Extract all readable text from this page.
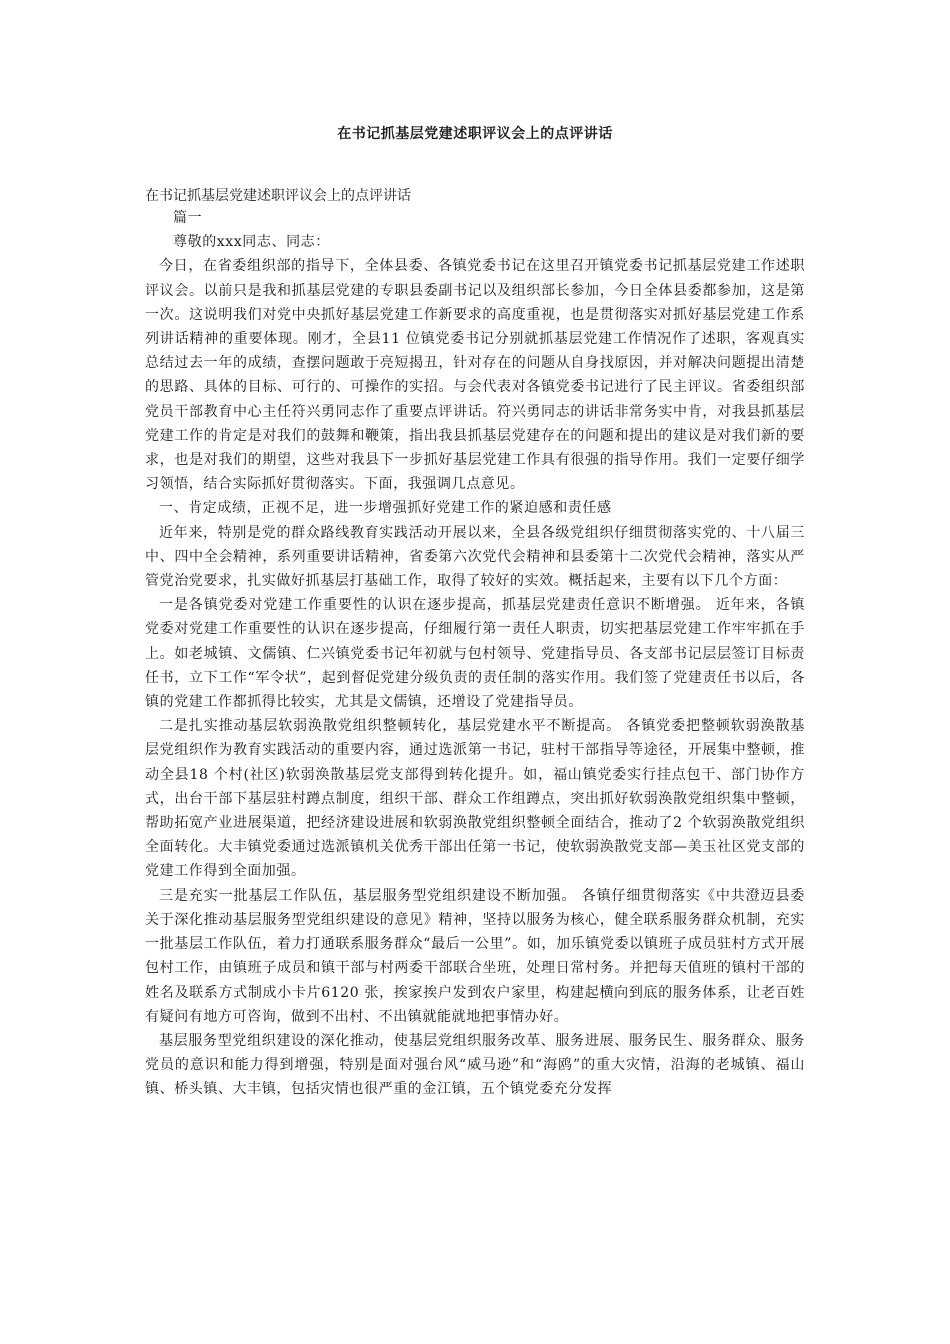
在书记抓基层党建述职评议会上的点评讲话

在书记抓基层党建述职评议会上的点评讲话

篇一

尊敬的xxx同志、同志：

今日，在省委组织部的指导下，全体县委、各镇党委书记在这里召开镇党委书记抓基层党建工作述职评议会。以前只是我和抓基层党建的专职县委副书记以及组织部长参加，今日全体县委都参加，这是第一次。这说明我们对党中央抓好基层党建工作新要求的高度重视，也是贯彻落实对抓好基层党建工作系列讲话精神的重要体现。刚才，全县11 位镇党委书记分别就抓基层党建工作情况作了述职，客观真实总结过去一年的成绩，查摆问题敢于亮短揭丑，针对存在的问题从自身找原因，并对解决问题提出清楚的思路、具体的目标、可行的、可操作的实招。与会代表对各镇党委书记进行了民主评议。省委组织部党员干部教育中心主任符兴勇同志作了重要点评讲话。符兴勇同志的讲话非常务实中肯，对我县抓基层党建工作的肯定是对我们的鼓舞和鞭策，指出我县抓基层党建存在的问题和提出的建议是对我们新的要求，也是对我们的期望，这些对我县下一步抓好基层党建工作具有很强的指导作用。我们一定要仔细学习领悟，结合实际抓好贯彻落实。下面，我强调几点意见。

一、肯定成绩，正视不足，进一步增强抓好党建工作的紧迫感和责任感

近年来，特别是党的群众路线教育实践活动开展以来，全县各级党组织仔细贯彻落实党的、十八届三中、四中全会精神，系列重要讲话精神，省委第六次党代会精神和县委第十二次党代会精神，落实从严管党治党要求，扎实做好抓基层打基础工作，取得了较好的实效。概括起来，主要有以下几个方面：

一是各镇党委对党建工作重要性的认识在逐步提高，抓基层党建责任意识不断增强。 近年来，各镇党委对党建工作重要性的认识在逐步提高，仔细履行第一责任人职责，切实把基层党建工作牢牢抓在手上。如老城镇、文儒镇、仁兴镇党委书记年初就与包村领导、党建指导员、各支部书记层层签订目标责任书，立下工作“军令状”，起到督促党建分级负责的责任制的落实作用。我们签了党建责任书以后，各镇的党建工作都抓得比较实，尤其是文儒镇，还增设了党建指导员。

二是扎实推动基层软弱涣散党组织整顿转化，基层党建水平不断提高。 各镇党委把整顿软弱涣散基层党组织作为教育实践活动的重要内容，通过选派第一书记，驻村干部指导等途径，开展集中整顿，推动全县18 个村(社区)软弱涣散基层党支部得到转化提升。如，福山镇党委实行挂点包干、部门协作方式，出台干部下基层驻村蹲点制度，组织干部、群众工作组蹲点，突出抓好软弱涣散党组织集中整顿，帮助拓宽产业进展渠道，把经济建设进展和软弱涣散党组织整顿全面结合，推动了2 个软弱涣散党组织全面转化。大丰镇党委通过选派镇机关优秀干部出任第一书记，使软弱涣散党支部—美玉社区党支部的党建工作得到全面加强。

三是充实一批基层工作队伍，基层服务型党组织建设不断加强。 各镇仔细贯彻落实《中共澄迈县委关于深化推动基层服务型党组织建设的意见》精神，坚持以服务为核心，健全联系服务群众机制，充实一批基层工作队伍，着力打通联系服务群众“最后一公里”。如，加乐镇党委以镇班子成员驻村方式开展包村工作，由镇班子成员和镇干部与村两委干部联合坐班，处理日常村务。并把每天值班的镇村干部的姓名及联系方式制成小卡片6120 张，挨家挨户发到农户家里，构建起横向到底的服务体系，让老百姓有疑问有地方可咨询，做到不出村、不出镇就能就地把事情办好。

基层服务型党组织建设的深化推动，使基层党组织服务改革、服务进展、服务民生、服务群众、服务党员的意识和能力得到增强，特别是面对强台风“威马逊”和“海鸥”的重大灾情，沿海的老城镇、福山镇、桥头镇、大丰镇，包括灾情也很严重的金江镇，五个镇党委充分发挥
